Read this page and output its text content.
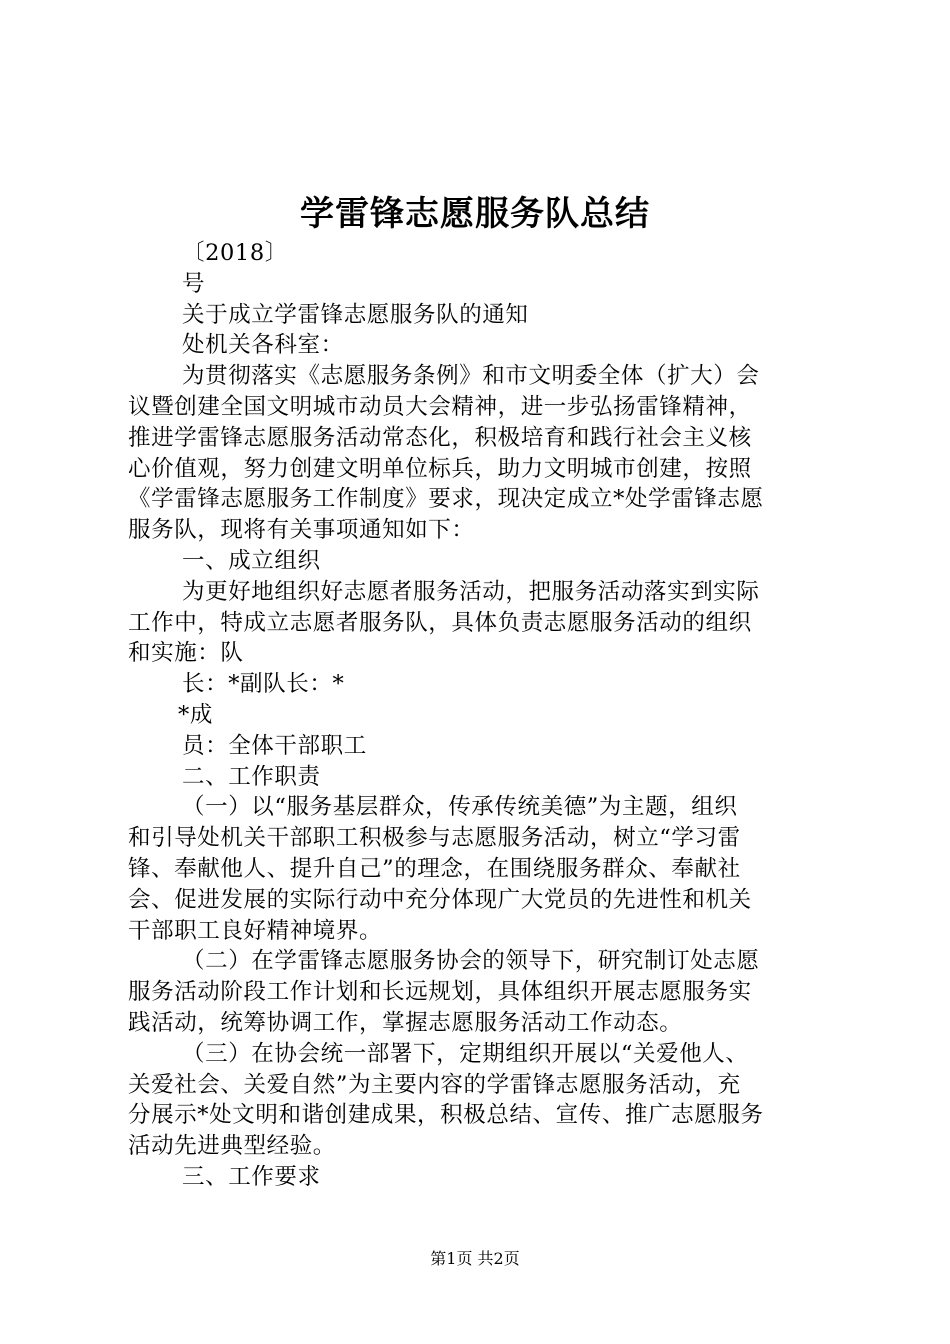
学雷锋志愿服务队总结
〔2018〕
号
关于成立学雷锋志愿服务队的通知
处机关各科室：
为贯彻落实《志愿服务条例》和市文明委全体（扩大）会
议暨创建全国文明城市动员大会精神，进一步弘扬雷锋精神，
推进学雷锋志愿服务活动常态化，积极培育和践行社会主义核
心价值观，努力创建文明单位标兵，助力文明城市创建，按照
《学雷锋志愿服务工作制度》要求，现决定成立*处学雷锋志愿
服务队，现将有关事项通知如下：
一、成立组织
为更好地组织好志愿者服务活动，把服务活动落实到实际
工作中，特成立志愿者服务队，具体负责志愿服务活动的组织
和实施：队
长：*副队长：*
*成
员：全体干部职工
二、工作职责
（一）以“服务基层群众，传承传统美德”为主题，组织
和引导处机关干部职工积极参与志愿服务活动，树立“学习雷
锋、奉献他人、提升自己”的理念，在围绕服务群众、奉献社
会、促进发展的实际行动中充分体现广大党员的先进性和机关
干部职工良好精神境界。
（二）在学雷锋志愿服务协会的领导下，研究制订处志愿
服务活动阶段工作计划和长远规划，具体组织开展志愿服务实
践活动，统筹协调工作，掌握志愿服务活动工作动态。
（三）在协会统一部署下，定期组织开展以“关爱他人、
关爱社会、关爱自然”为主要内容的学雷锋志愿服务活动，充
分展示*处文明和谐创建成果，积极总结、宣传、推广志愿服务
活动先进典型经验。
三、工作要求
第1页 共2页
